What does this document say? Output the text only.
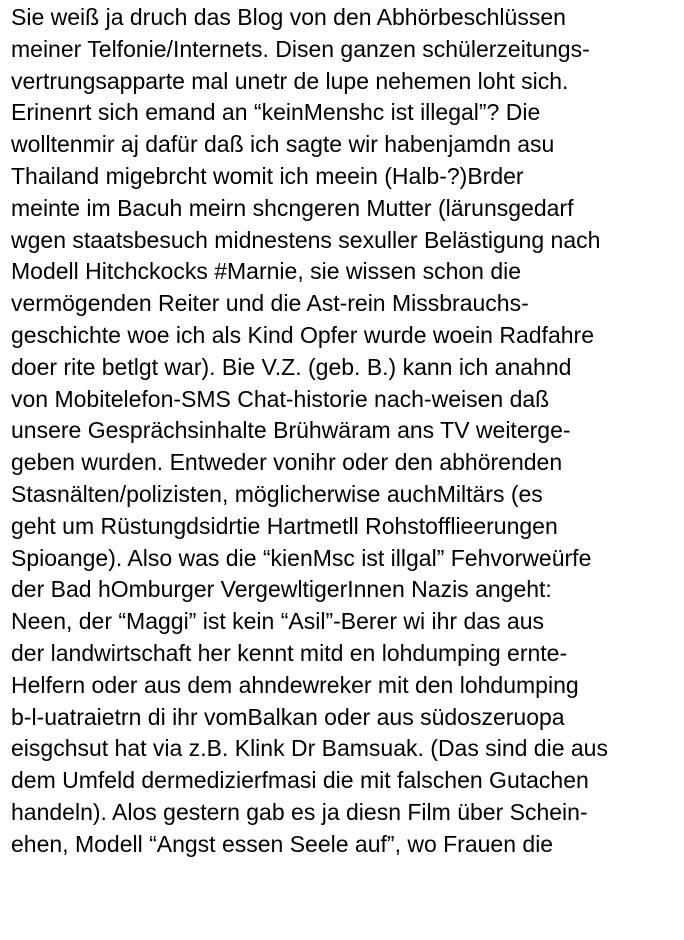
Sie weiß ja druch das Blog von den Abhörbeschlüssen

meiner Telfonie/Internets. Disen ganzen schülerzeitungs-

vertrungsapparte mal unetr de lupe nehemen loht sich.

Erinenrt sich emand an “keinMenshc ist illegal”? Die

wolltenmir aj dafür daß ich sagte wir habenjamdn asu

Thailand migebrcht womit ich meein (Halb-?)Brder

meinte im Bacuh meirn shcngeren Mutter (lärunsgedarf

wgen staatsbesuch midnestens sexuller Belästigung nach

Modell Hitchckocks #Marnie, sie wissen schon die

vermögenden Reiter und die Ast-rein Missbrauchs-

geschichte woe ich als Kind Opfer wurde woein Radfahre

doer rite betlgt war). Bie V.Z. (geb. B.) kann ich anahnd

von Mobitelefon-SMS Chat-historie nach-weisen daß

unsere Gesprächsinhalte Brühwäram ans TV weiterge-

geben wurden. Entweder vonihr oder den abhörenden

Stasnälten/polizisten, möglicherwise auchMiltärs (es

geht um Rüstungdsidrtie Hartmetll Rohstofflieerungen

Spioange). Also was die “kienMsc ist illgal” Fehvorweürfe

der Bad hOmburger VergewltigerInnen Nazis angeht:

Neen, der “Maggi” ist kein “Asil”-Berer wi ihr das aus

der landwirtschaft her kennt mitd en lohdumping ernte-

Helfern oder aus dem ahndewreker mit den lohdumping

b-l-uatraietrn di ihr vomBalkan oder aus südoszeruopa

eisgchsut hat via z.B. Klink Dr Bamsuak. (Das sind die aus

dem Umfeld dermedizierfmasi die mit falschen Gutachen

handeln). Alos gestern gab es ja diesn Film über Schein-

ehen, Modell “Angst essen Seele auf”, wo Frauen die
